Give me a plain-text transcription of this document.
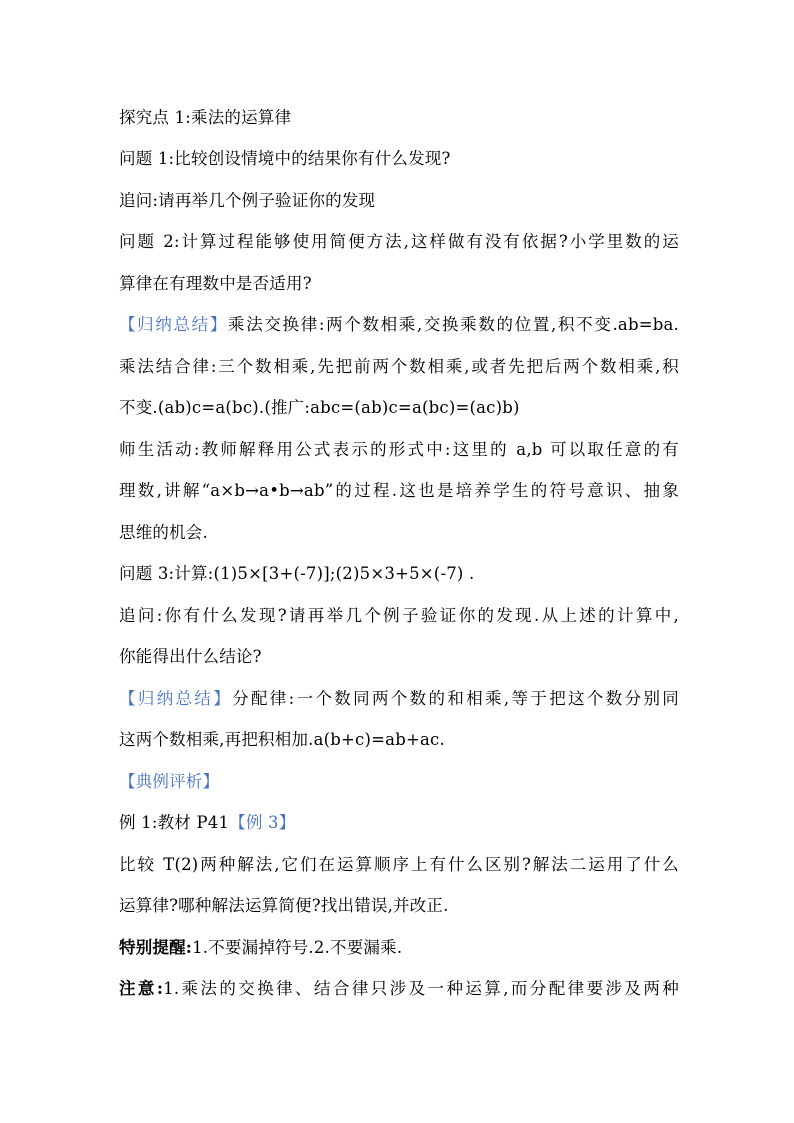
探究点 1:乘法的运算律
问题 1:比较创设情境中的结果你有什么发现?
追问:请再举几个例子验证你的发现
问题 2:计算过程能够使用简便方法,这样做有没有依据?小学里数的运
算律在有理数中是否适用?
【归纳总结】乘法交换律:两个数相乘,交换乘数的位置,积不变.ab=ba.
乘法结合律:三个数相乘,先把前两个数相乘,或者先把后两个数相乘,积
不变.(ab)c=a(bc).(推广:abc=(ab)c=a(bc)=(ac)b)
师生活动:教师解释用公式表示的形式中:这里的 a,b 可以取任意的有
理数,讲解“a×b→a•b→ab”的过程.这也是培养学生的符号意识、抽象
思维的机会.
问题 3:计算:(1)5×[3+(-7)];(2)5×3+5×(-7) .
追问:你有什么发现?请再举几个例子验证你的发现.从上述的计算中,
你能得出什么结论?
【归纳总结】分配律:一个数同两个数的和相乘,等于把这个数分别同
这两个数相乘,再把积相加.a(b+c)=ab+ac.
【典例评析】
例 1:教材 P41【例 3】
比较 T(2)两种解法,它们在运算顺序上有什么区别?解法二运用了什么
运算律?哪种解法运算简便?找出错误,并改正.
特别提醒:1.不要漏掉符号.2.不要漏乘.
注意:1.乘法的交换律、结合律只涉及一种运算,而分配律要涉及两种
